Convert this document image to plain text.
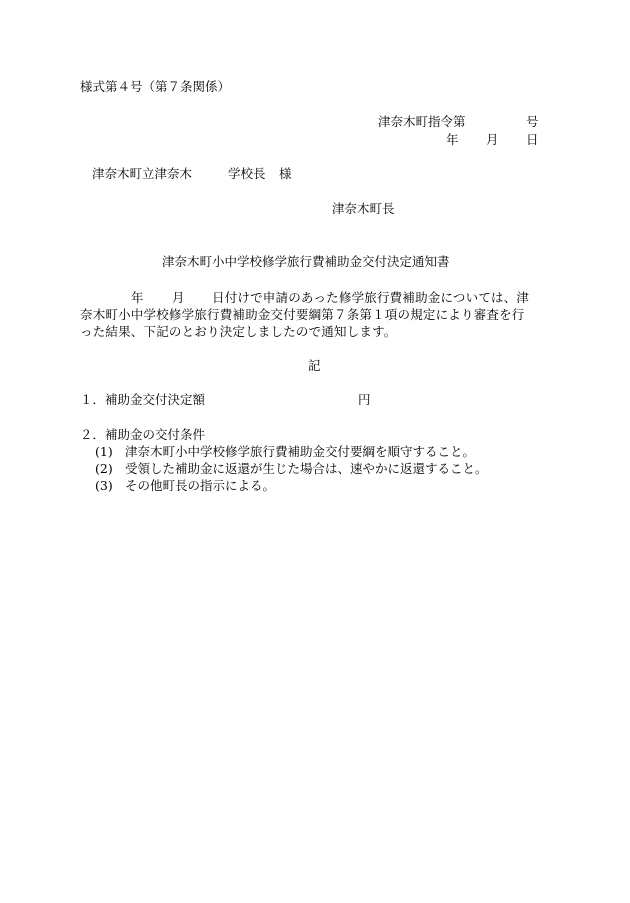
様式第４号（第７条関係）
津奈木町指令第	号
年 月 日
津奈木町立津奈木	学校長 様
津奈木町長
津奈木町小中学校修学旅行費補助金交付決定通知書
年 月 日付けで申請のあった修学旅行費補助金については、津
奈木町小中学校修学旅行費補助金交付要綱第７条第１項の規定により審査を行
った結果、下記のとおり決定しましたので通知します。
記
１．補助金交付決定額	円
２．補助金の交付条件
(1) 津奈木町小中学校修学旅行費補助金交付要綱を順守すること。
(2) 受領した補助金に返還が生じた場合は、速やかに返還すること。
(3) その他町長の指示による。
